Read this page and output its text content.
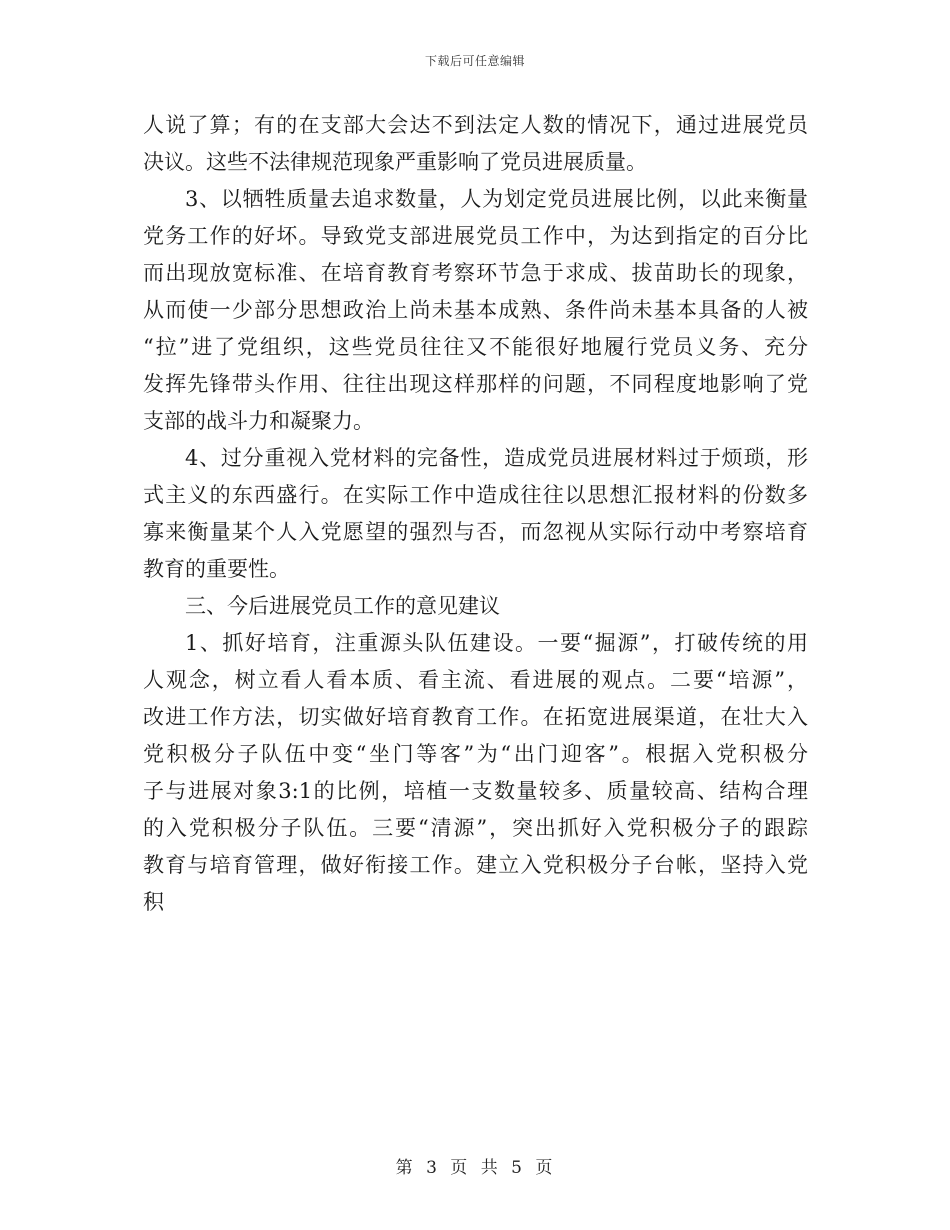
下载后可任意编辑
人说了算；有的在支部大会达不到法定人数的情况下，通过进展党员
决议。这些不法律规范现象严重影响了党员进展质量。
3、以牺牲质量去追求数量，人为划定党员进展比例，以此来衡量
党务工作的好坏。导致党支部进展党员工作中，为达到指定的百分比
而出现放宽标准、在培育教育考察环节急于求成、拔苗助长的现象，
从而使一少部分思想政治上尚未基本成熟、条件尚未基本具备的人被
“拉”进了党组织，这些党员往往又不能很好地履行党员义务、充分
发挥先锋带头作用、往往出现这样那样的问题，不同程度地影响了党
支部的战斗力和凝聚力。
4、过分重视入党材料的完备性，造成党员进展材料过于烦琐，形
式主义的东西盛行。在实际工作中造成往往以思想汇报材料的份数多
寡来衡量某个人入党愿望的强烈与否，而忽视从实际行动中考察培育
教育的重要性。
三、今后进展党员工作的意见建议
1、抓好培育，注重源头队伍建设。一要“掘源”，打破传统的用
人观念，树立看人看本质、看主流、看进展的观点。二要“培源”，
改进工作方法，切实做好培育教育工作。在拓宽进展渠道，在壮大入
党积极分子队伍中变“坐门等客”为“出门迎客”。根据入党积极分
子与进展对象3:1的比例，培植一支数量较多、质量较高、结构合理
的入党积极分子队伍。三要“清源”，突出抓好入党积极分子的跟踪
教育与培育管理，做好衔接工作。建立入党积极分子台帐，坚持入党
积
第 3 页 共 5 页
